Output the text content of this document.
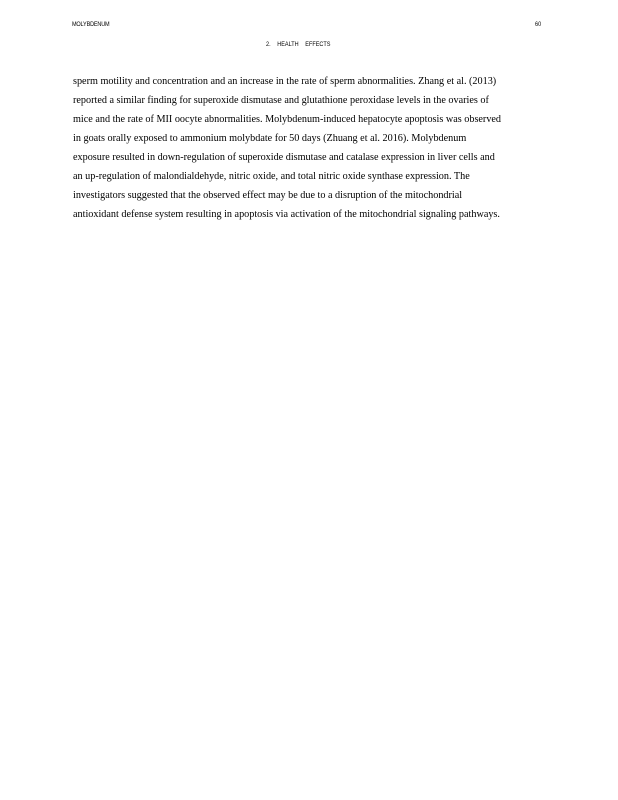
MOLYBDENUM	60
2. HEALTH EFFECTS
sperm motility and concentration and an increase in the rate of sperm abnormalities. Zhang et al. (2013)
reported a similar finding for superoxide dismutase and glutathione peroxidase levels in the ovaries of
mice and the rate of MII oocyte abnormalities. Molybdenum-induced hepatocyte apoptosis was observed
in goats orally exposed to ammonium molybdate for 50 days (Zhuang et al. 2016). Molybdenum
exposure resulted in down-regulation of superoxide dismutase and catalase expression in liver cells and
an up-regulation of malondialdehyde, nitric oxide, and total nitric oxide synthase expression. The
investigators suggested that the observed effect may be due to a disruption of the mitochondrial
antioxidant defense system resulting in apoptosis via activation of the mitochondrial signaling pathways.
